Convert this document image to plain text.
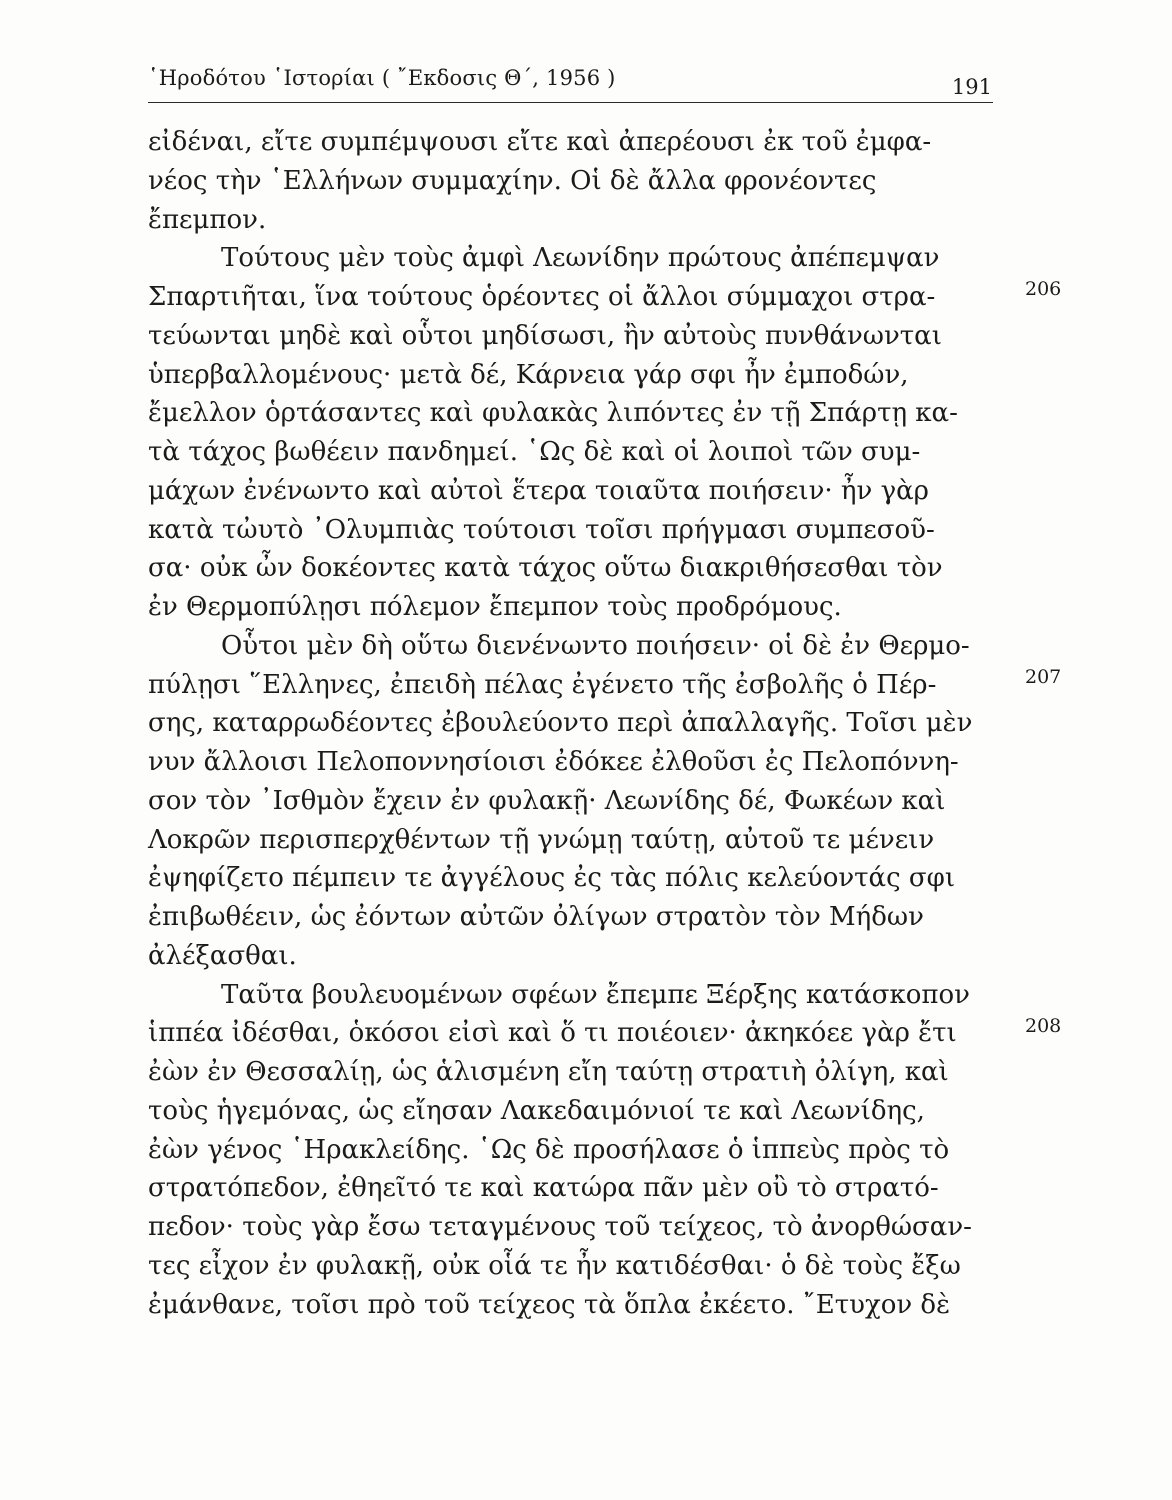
῾Ηροδότου ῾Ιστορίαι ( ῎Εκδοσις Θ΄, 1956 )	191
εἰδέναι, εἴτε συμπέμψουσι εἴτε καὶ ἀπερέουσι ἐκ τοῦ ἐμφα-
νέος τὴν ῾Ελλήνων συμμαχίην. Οἱ δὲ ἄλλα φρονέοντες
ἔπεμπον.
Τούτους μὲν τοὺς ἀμφὶ Λεωνίδην πρώτους ἀπέπεμψαν
Σπαρτιῆται, ἵνα τούτους ὁρέοντες οἱ ἄλλοι σύμμαχοι στρα-
τεύωνται μηδὲ καὶ οὗτοι μηδίσωσι, ἢν αὐτοὺς πυνθάνωνται
ὑπερβαλλομένους· μετὰ δέ, Κάρνεια γάρ σφι ἦν ἐμποδών,
ἔμελλον ὁρτάσαντες καὶ φυλακὰς λιπόντες ἐν τῇ Σπάρτῃ κα-
τὰ τάχος βωθέειν πανδημεί. ῾Ως δὲ καὶ οἱ λοιποὶ τῶν συμ-
μάχων ἐνένωντο καὶ αὐτοὶ ἕτερα τοιαῦτα ποιήσειν· ἦν γὰρ
κατὰ τὠυτὸ ᾿Ολυμπιὰς τούτοισι τοῖσι πρήγμασι συμπεσοῦ-
σα· οὐκ ὦν δοκέοντες κατὰ τάχος οὕτω διακριθήσεσθαι τὸν
ἐν Θερμοπύλῃσι πόλεμον ἔπεμπον τοὺς προδρόμους.
Οὗτοι μὲν δὴ οὕτω διενένωντο ποιήσειν· οἱ δὲ ἐν Θερμο-
πύλῃσι ῞Ελληνες, ἐπειδὴ πέλας ἐγένετο τῆς ἐσβολῆς ὁ Πέρ-
σης, καταρρωδέοντες ἐβουλεύοντο περὶ ἀπαλλαγῆς. Τοῖσι μὲν
νυν ἄλλοισι Πελοποννησίοισι ἐδόκεε ἐλθοῦσι ἐς Πελοπόννη-
σον τὸν ᾿Ισθμὸν ἔχειν ἐν φυλακῇ· Λεωνίδης δέ, Φωκέων καὶ
Λοκρῶν περισπερχθέντων τῇ γνώμῃ ταύτῃ, αὐτοῦ τε μένειν
ἐψηφίζετο πέμπειν τε ἀγγέλους ἐς τὰς πόλις κελεύοντάς σφι
ἐπιβωθέειν, ὡς ἐόντων αὐτῶν ὀλίγων στρατὸν τὸν Μήδων
ἀλέξασθαι.
Ταῦτα βουλευομένων σφέων ἔπεμπε Ξέρξης κατάσκοπον
ἱππέα ἰδέσθαι, ὁκόσοι εἰσὶ καὶ ὅ τι ποιέοιεν· ἀκηκόεε γὰρ ἔτι
ἐὼν ἐν Θεσσαλίῃ, ὡς ἁλισμένη εἴη ταύτῃ στρατιὴ ὀλίγη, καὶ
τοὺς ἡγεμόνας, ὡς εἴησαν Λακεδαιμόνιοί τε καὶ Λεωνίδης,
ἐὼν γένος ῾Ηρακλείδης. ῾Ως δὲ προσήλασε ὁ ἱππεὺς πρὸς τὸ
στρατόπεδον, ἐθηεῖτό τε καὶ κατώρα πᾶν μὲν οὒ τὸ στρατό-
πεδον· τοὺς γὰρ ἔσω τεταγμένους τοῦ τείχεος, τὸ ἀνορθώσαν-
τες εἶχον ἐν φυλακῇ, οὐκ οἷά τε ἦν κατιδέσθαι· ὁ δὲ τοὺς ἔξω
ἐμάνθανε, τοῖσι πρὸ τοῦ τείχεος τὰ ὅπλα ἐκέετο. ῎Ετυχον δὲ
206
207
208
